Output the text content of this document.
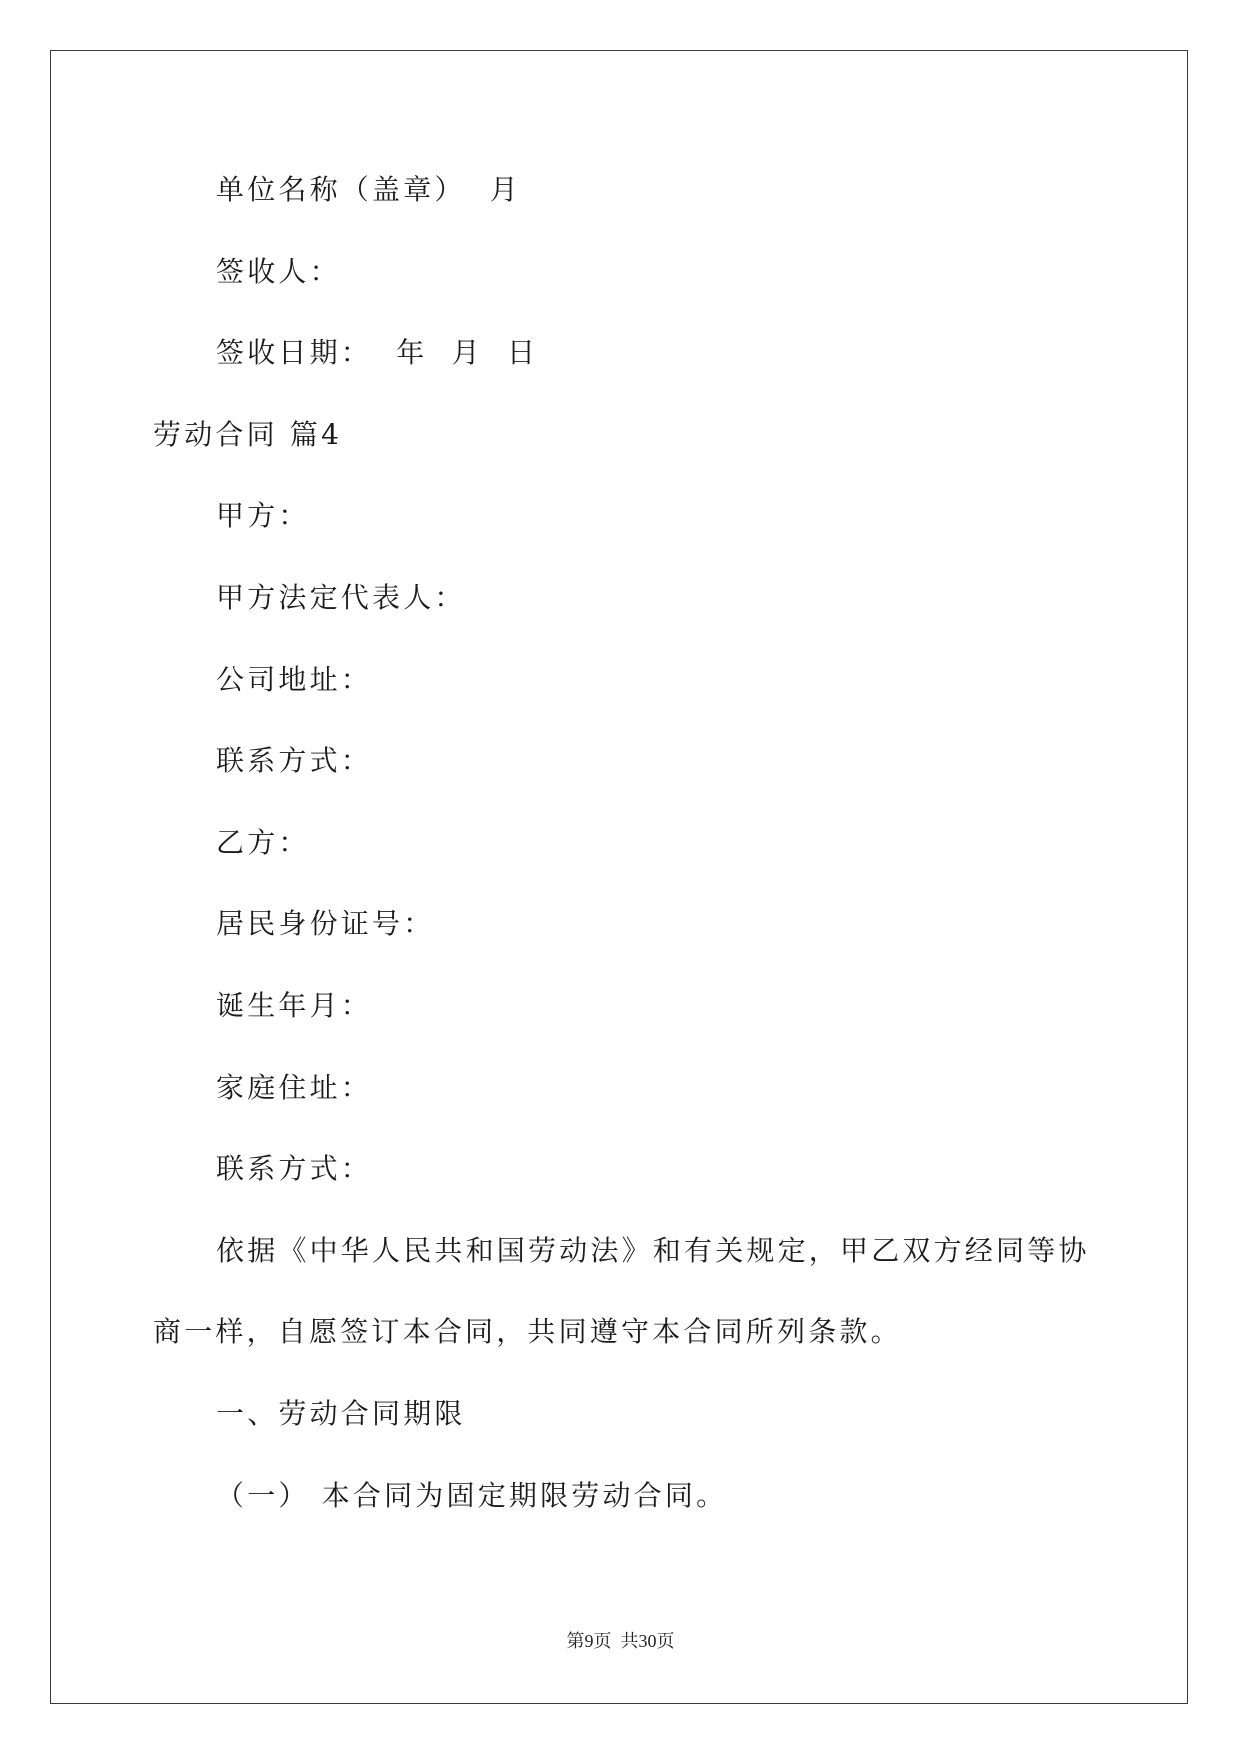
单位名称（盖章）  月
签收人：
签收日期：  年  月  日
劳动合同 篇4
甲方：
甲方法定代表人：
公司地址：
联系方式：
乙方：
居民身份证号：
诞生年月：
家庭住址：
联系方式：
依据《中华人民共和国劳动法》和有关规定，甲乙双方经同等协
商一样，自愿签订本合同，共同遵守本合同所列条款。
一、劳动合同期限
（一） 本合同为固定期限劳动合同。
第9页  共30页
